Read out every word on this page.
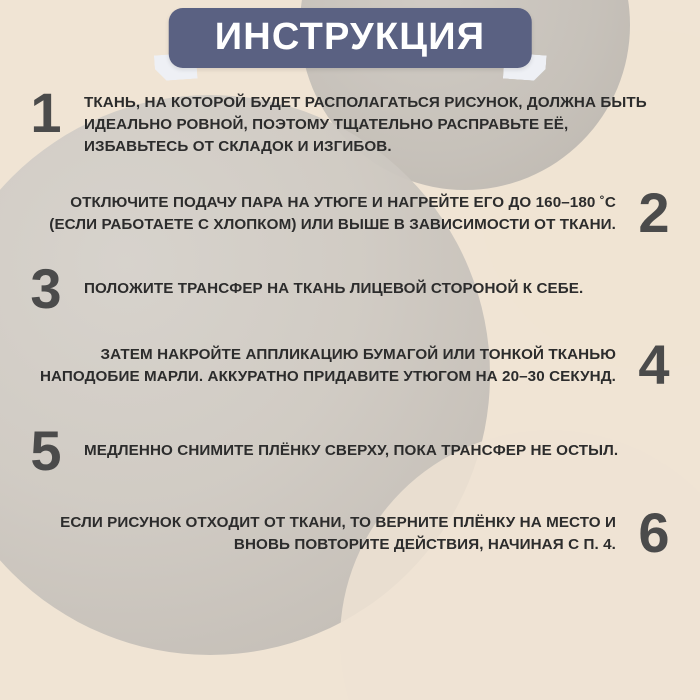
ИНСТРУКЦИЯ
1	ТКАНЬ, НА КОТОРОЙ БУДЕТ РАСПОЛАГАТЬСЯ РИСУНОК, ДОЛЖНА БЫТЬ ИДЕАЛЬНО РОВНОЙ, ПОЭТОМУ ТЩАТЕЛЬНО РАСПРАВЬТЕ ЕЁ, ИЗБАВЬТЕСЬ ОТ СКЛАДОК И ИЗГИБОВ.
2
ОТКЛЮЧИТЕ ПОДАЧУ ПАРА НА УТЮГЕ И НАГРЕЙТЕ ЕГО ДО 160–180 ˚С (ЕСЛИ РАБОТАЕТЕ С ХЛОПКОМ) ИЛИ ВЫШЕ В ЗАВИСИМОСТИ ОТ ТКАНИ.
3	ПОЛОЖИТЕ ТРАНСФЕР НА ТКАНЬ ЛИЦЕВОЙ СТОРОНОЙ К СЕБЕ.
4
ЗАТЕМ НАКРОЙТЕ АППЛИКАЦИЮ БУМАГОЙ ИЛИ ТОНКОЙ ТКАНЬЮ НАПОДОБИЕ МАРЛИ. АККУРАТНО ПРИДАВИТЕ УТЮГОМ НА 20–30 СЕКУНД.
5	МЕДЛЕННО СНИМИТЕ ПЛЁНКУ СВЕРХУ, ПОКА ТРАНСФЕР НЕ ОСТЫЛ.
6
ЕСЛИ РИСУНОК ОТХОДИТ ОТ ТКАНИ, ТО ВЕРНИТЕ ПЛЁНКУ НА МЕСТО И ВНОВЬ ПОВТОРИТЕ ДЕЙСТВИЯ, НАЧИНАЯ С П. 4.
